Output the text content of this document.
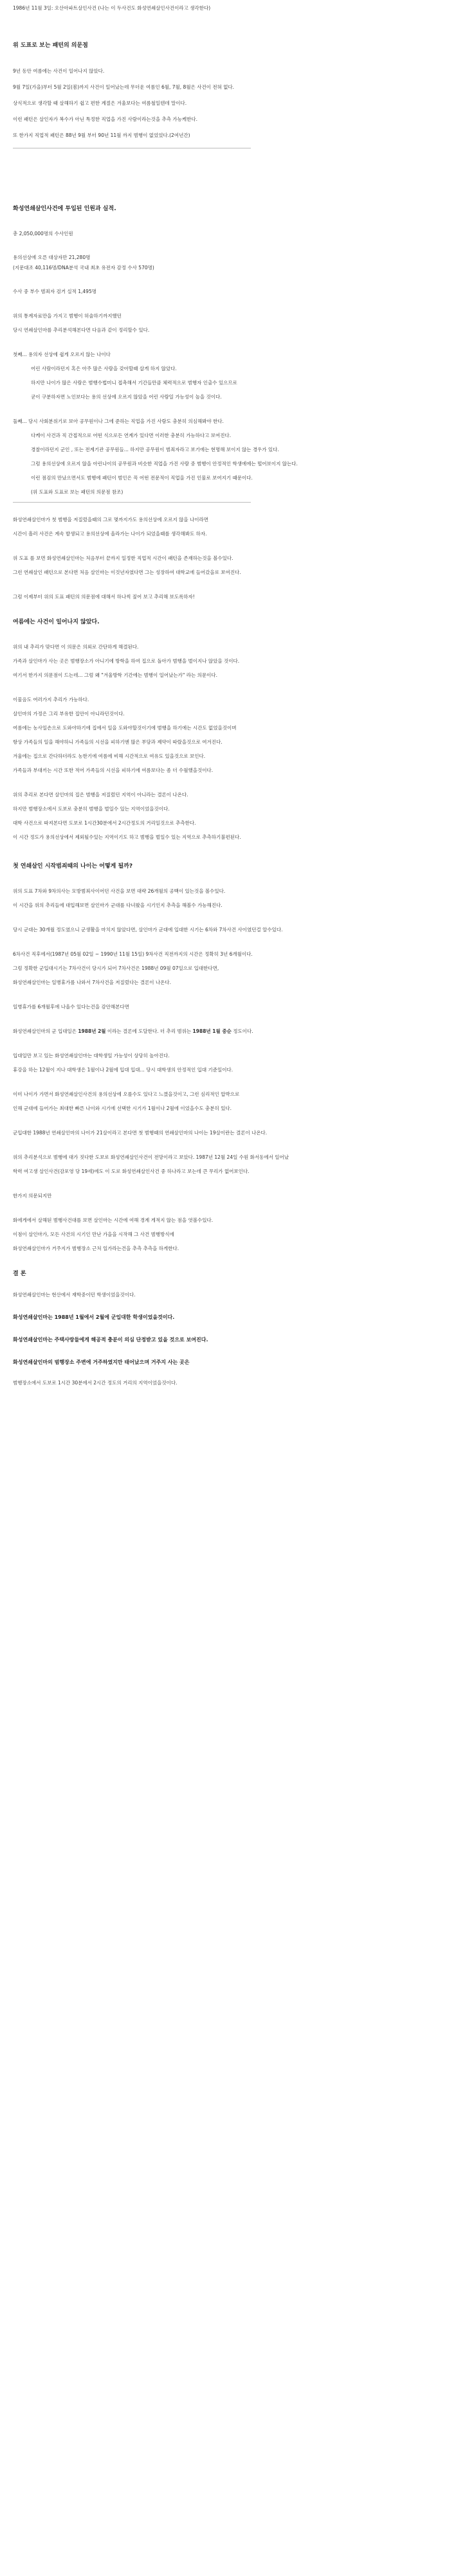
1986년 11월 3일: 오산아파트살인사건 (나는 이 두사건도 화성연쇄살인사건이라고 생각한다)
위 도표로 보는 패턴의 의문점
9년 동안 여름에는 사건이 일어나지 않았다.
9월 7일(가을)부터 5월 2일(봄)까지 사건이 일어났는데 무더운 여름인 6월, 7월, 8월은 사건이 전혀 없다.
상식적으로 생각할 때 살해하기 쉽고 편한 계절은 겨울보다는 여름철일텐데 말이다.
이런 패턴은 살인자가 복수가 아닌 특정한 직업을 가진 사람이라는것을 추측 가능케한다.
또 한가지 직업적 패턴은 88년 9월 부터 90년 11월 까지 범행이 없었었다.(2여년간)
화성연쇄살인사건에 투입된 인원과 실적.
총 2,050,000명의 수사인원
용의선상에 오른 대상자만 21,280명
(지문대조 40,116명/DNA분석 국내 최초 유전자 감정 수사 570명)
수사 중 부수 범죄자 검거 실적 1,495명
위의 통계자료만을 가지고 범행이 허술하기까지했던
당시 연쇄살인마를 추리분석해본다면 다음과 같이 정리할수 있다.
첫째... 용의자 선상에 쉽게 오르지 않는 나이다
어린 사람이라던지 혹은 아주 많은 사람을 갖아할때 삽게 하지 않았다.
하지만 나이가 많은 사람은 범행수법미니 접촉해서 기간들만큼 체력적으로 범행자 인출수 있으므로
굳이 구분하자면 노인보다는 용의 선상에 오르지 않았을 어린 사람일 가능성이 높을 것이다.
둘째... 당시 사회분위기로 보아 공무원이나 그에 준하는 직업을 가진 사람도 충분히 의심해봐야 한다.
다케이 사건과 직 간접적으로 어떤 식으로든 연계가 있다면 이러한 충분히 가능하다고 보여진다.
경찰이라던지 군인 , 또는 전계기관 공무원들... 하지만 공무원이 범죄자라고 보기에는 현명해 보이지 않는 경우가 있다.
그럼 용의선상에 오르지 않을 아린나이의 공무원과 비슷한 직업을 가진 사람 중 범행이 안정적인 학생에에는 떨어보이지 않는다.
이런 점검의 만났으면서도 범행에 패턴이 범인은 꼭 어떤 전문적이 직업을 가진 인물로 보여지기 때문이다.
(위 도표와 도표로 보는 패턴의 의문점 참조)
화성연쇄살인마가 첫 범행을 저질렀을때의 그로 몇까지가도 용의선상에 오르지 않을 나이라면
시간이 흘러 사건은 계속 발생되고 용의선상에 올라가는 나이가 되었을때를 생각해봐도 하자.
위 도표 를 보면 화성연쇄살인마는 처음부터 끝까지 일정한 직업적 시간이 패턴을 존재하는것을 볼수있다.
그런 연쇄살인 패턴으로 본다면 처음 살인마는 이것년자였다면 그는 성장하여 대학교에 들어갔을로 보여진다.
그럼 이제부터 위의 도표 패턴의 의문점에 대해서 하나씩 짚어 보고 추리해 보도록하자!
여름에는 사건이 일어나지 않았다.
위의 내 추리가 맞다면 이 의문은 의외로 간단하게 해결된다.
가족과 살인마가 사는 곳은 범행장소가 아니기에 방학을 하여 집으로 돌아가 범행을 벌이지나 않았을 것이다.
여기서 한가지 의문점이 드는데... 그럼 왜 "겨울방학 기간에는 범행이 일어났는가" 라는 의문이다.
이물음도 여러가지 추리가 가능하다.
살인마의 가정은 그리 부유한 집안이 아니라던것이다.
여름에는 농사일손으로 도와야하기에 집에서 일을 도와야할것이기에 범행을 하기에는 시간도 없었을것이며
항상 가족들의 일을 해야하니 가족들의 시선을 피하기엔 많은 부담과 제약이 따랐을것으로 여겨진다.
겨울에는 집으로 간다하더라도 농한기에 여름에 비해 시간적으로 여유도 있을것으로 보인다.
가족들과 부대끼는 시간 또한 적어 가족들의 시선을 피하기에 여름보다는 좀 더 수월했을것이다.
위의 추리로 본다면 살인마의 집은 범행을 저질렀던 지역이 아니라는 결론이 나온다.
하지만 범행장소에서 도보로 충분히 범행을 벌일수 있는 지역이었을것이다.
대학 사건으로 따져본다면 도보로 1시간30분에서 2시간정도의 거리일것으로 추측한다.
이 시간 정도가 용의선상에서 제외될수있는 지역이기도 하고 범행을 벌일수 있는 지역으로 추측하기불편된다.
첫 연쇄살인 시작범죄때의 나이는 어떻게 될까?
위의 도표 7차와 9차의사는 모방범죄사이어던 사건을 보면 대략 26개월의 공백이 있는것을 볼수있다.
이 시간을 위의 추리들에 대입해보면 살인마가 군대를 다녀왔을 시기인지 추측을 해볼수 가능해진다.
당시 군대는 30개월 정도였으니 군생활을 마치지 않았다면, 살인마가 군대에 입대한 시기는 6차와 7차사건 사이였던걸 알수있다.
6차사건 직후에서(1987년 05월 02일 ~ 1990년 11월 15일) 9차사건 직전까지의 시간은 정확히 3년 6개월이다.
그럼 정확한 군입대시기는 7차사건이 당시가 되어 7차사건은 1988년 09월 07일으로 입대한다면,
화성연쇄살인마는 일병휴가를 나와서 7차사건을 저질렀다는 결론이 나온다.
일병휴가를 6개월후에 나올수 있다는건을 감안해본다면
화성연쇄살인마의 군 입대일은 1988년 2월 이라는 결론에 도달한다. 더 추리 범위는 1988년 1월 중순 정도이다.
입대일만 보고 있는 화성연쇄살인마는 대학생일 가능성이 상당히 높아진다.
휴강을 하는 12월이 지나 대학생은 1월이나 2월에 입대 입대... 당시 대학생의 안정적인 입대 기준일이다.
이미 나이가 가면서 화성연쇄살인사건의 용의선상에 오를수도 있다고 느꼈을것이고, 그런 심리적인 압박으로
인해 군대에 들어가는 최대한 빠른 나이와 시기에 선택한 시기가 1월이나 2월에 이었을수도 충분히 있다.
군입대한 1988년 연쇄살인마의 나이가 21살이라고 본다면 첫 범행때의 연쇄살인마의 나이는 19살이란는 결론이 나온다.
위의 추리분석으로 범행에 대가 짓다한 도보로 화성연쇄살인사건이 전망이라고 보았다. 1987년 12월 24일 수원 화서동에서 일어났
학력 여고생 살인사건(감포영 당 19세)에도 이 도로 화성연쇄살인사건 중 하나라고 보는데 큰 무리가 없어보인다.
한가지 의문되지만
화에게에서 살해된 범행사건대를 보면 살인마는 시간에 여해 경계 게적지 않는 점을 엿볼수있다.
이점이 살인마가, 모든 사건의 시기인 만난 가을을 시작해 그 사건 범행방식에
화성연쇄살인마가 거주지가 범행장소 근처 일가라는건을 추측 추측을 하게한다.
결 론
화성연쇄살인마는 현산에서 재학중이던 학생이었을것이다.
화성연쇄살인마는 1988년 1월에서 2월에 군입대한 학생이었을것이다.
화성연쇄살인마는 주택사랑들에게 해공적 충분이 의심 단정받고 있을 것으로 보여진다.
화성연쇄살인마의 범행장소 주변에 거주하였지만 태어났으며 거주지 사는 곳은
범행장소에서 도보로 1시간 30분에서 2시간 정도의 거리의 지역이었을것이다.
